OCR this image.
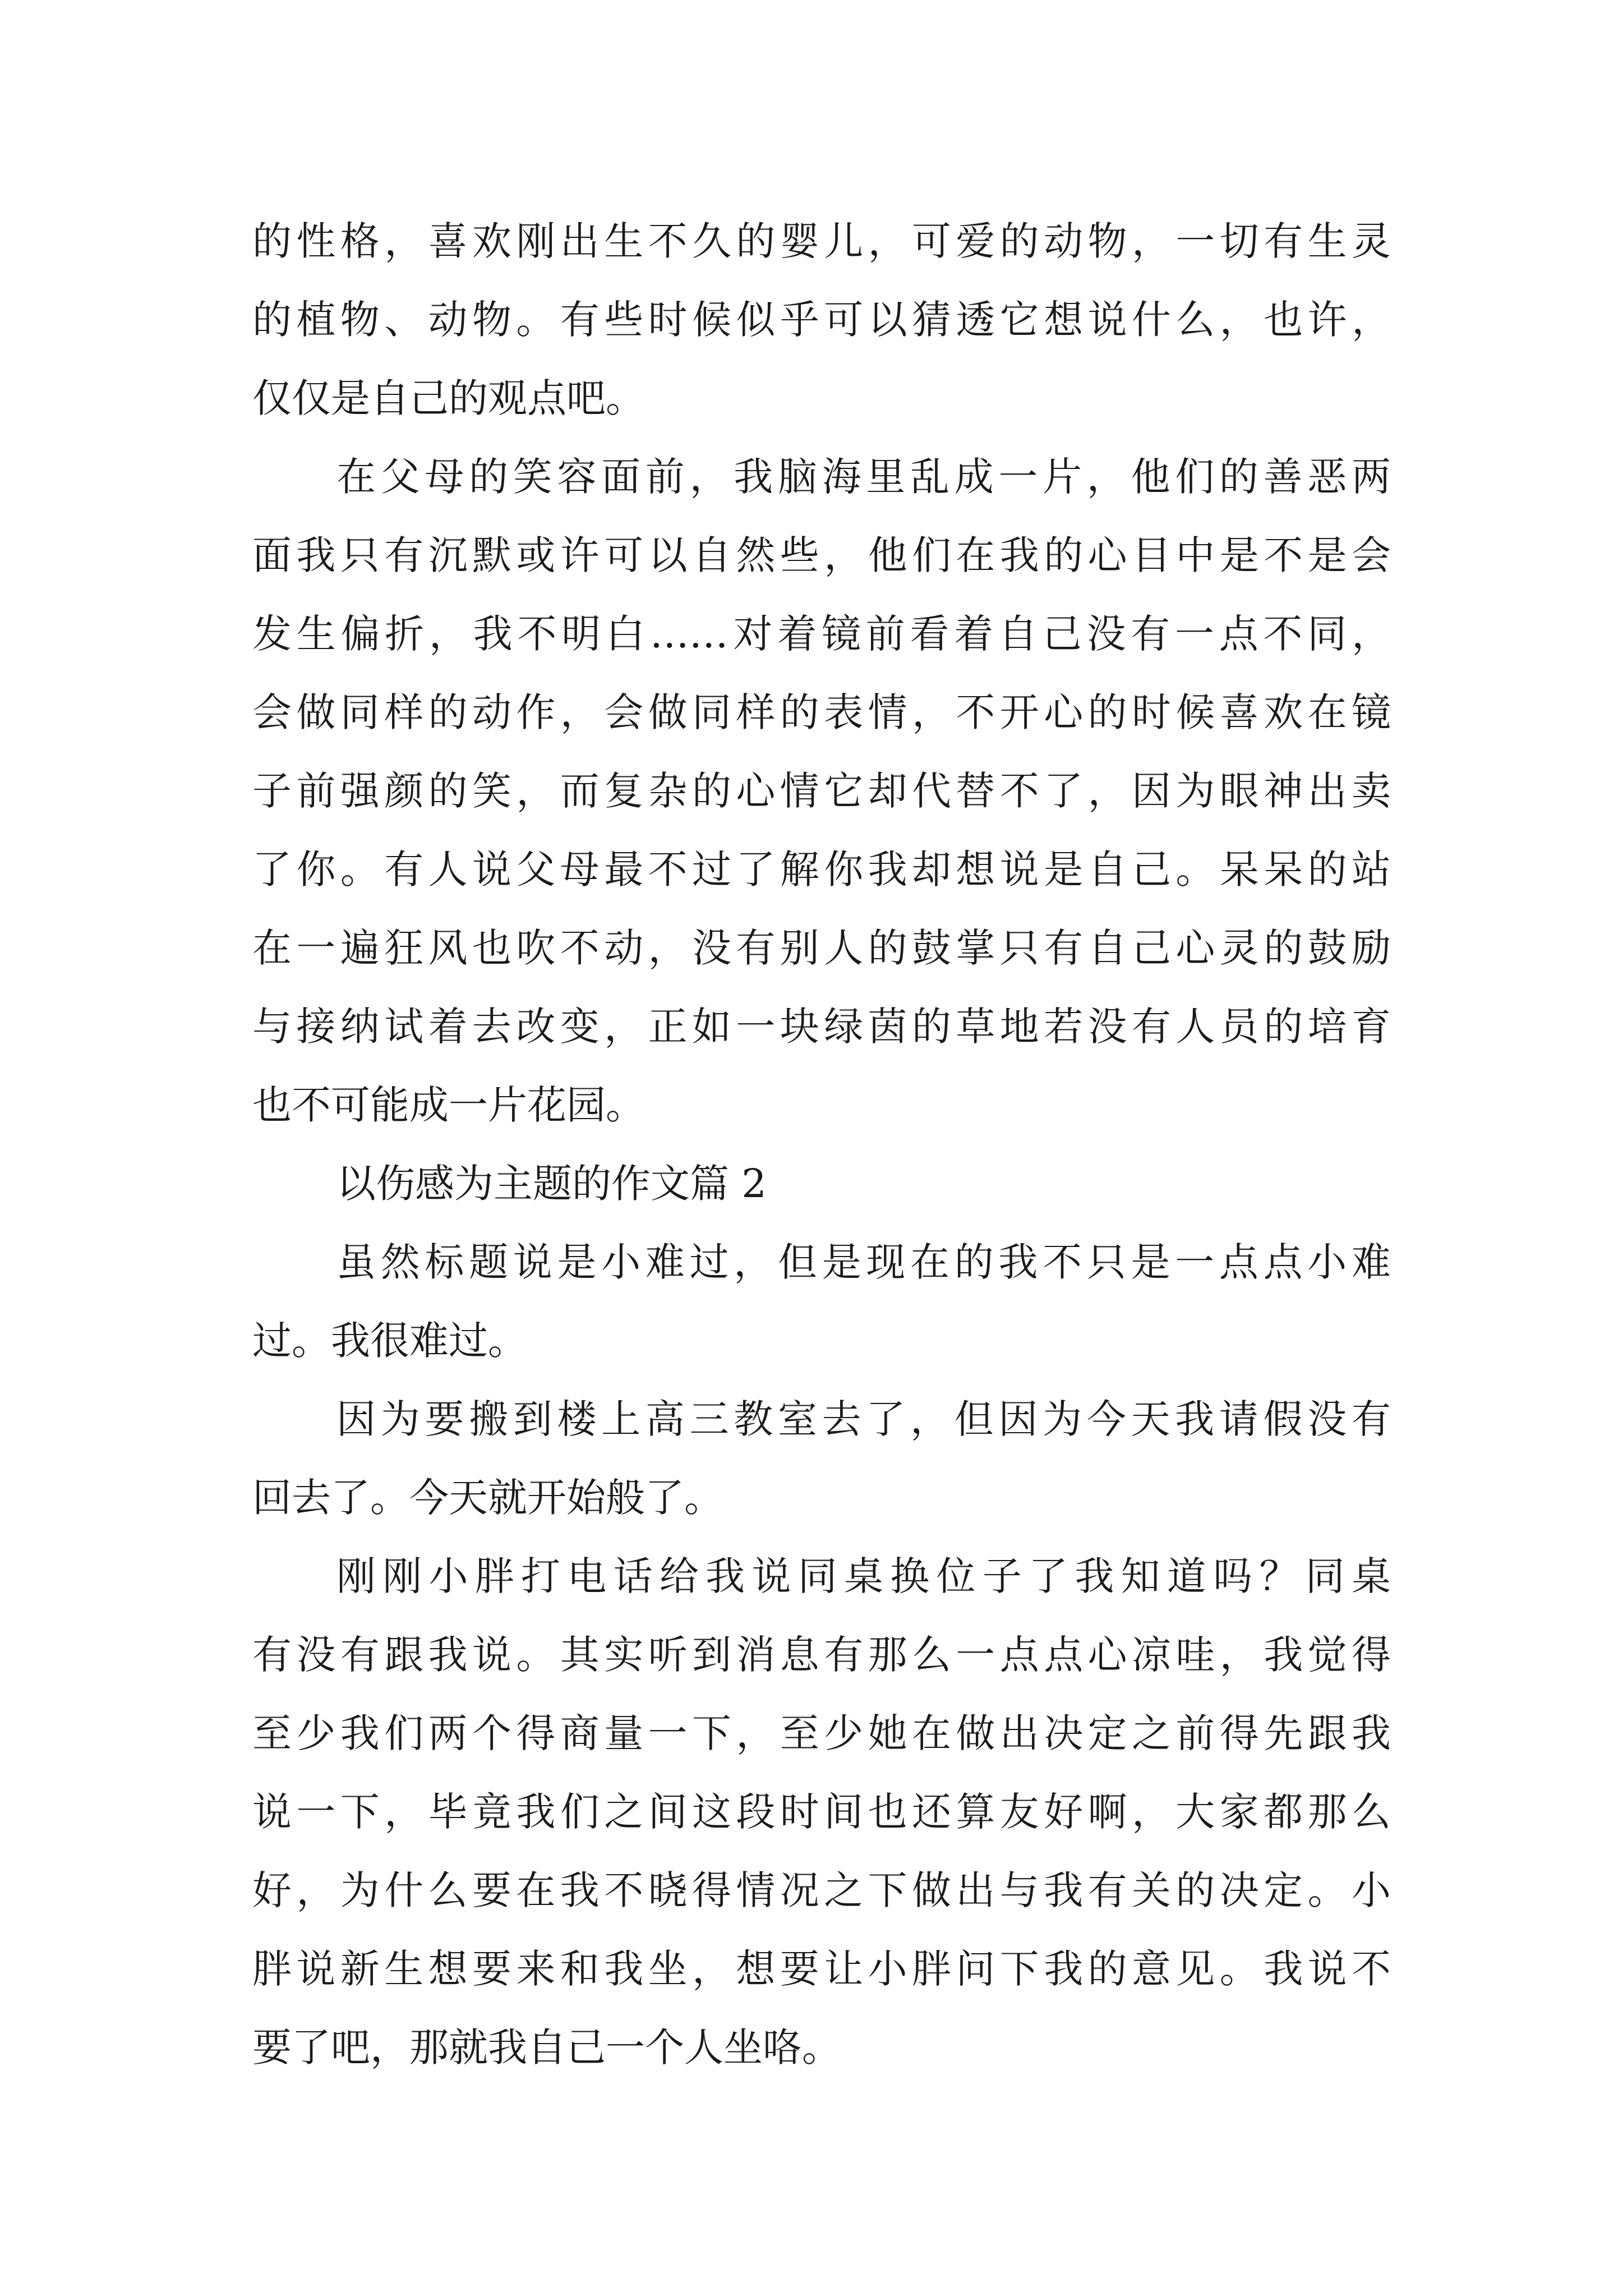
的性格，喜欢刚出生不久的婴儿，可爱的动物，一切有生灵
的植物、动物。有些时候似乎可以猜透它想说什么，也许，
仅仅是自己的观点吧。
在父母的笑容面前，我脑海里乱成一片，他们的善恶两
面我只有沉默或许可以自然些，他们在我的心目中是不是会
发生偏折，我不明白……对着镜前看着自己没有一点不同，
会做同样的动作，会做同样的表情，不开心的时候喜欢在镜
子前强颜的笑，而复杂的心情它却代替不了，因为眼神出卖
了你。有人说父母最不过了解你我却想说是自己。呆呆的站
在一遍狂风也吹不动，没有别人的鼓掌只有自己心灵的鼓励
与接纳试着去改变，正如一块绿茵的草地若没有人员的培育
也不可能成一片花园。
以伤感为主题的作文篇 2
虽然标题说是小难过，但是现在的我不只是一点点小难
过。我很难过。
因为要搬到楼上高三教室去了，但因为今天我请假没有
回去了。今天就开始般了。
刚刚小胖打电话给我说同桌换位子了我知道吗？同桌
有没有跟我说。其实听到消息有那么一点点心凉哇，我觉得
至少我们两个得商量一下，至少她在做出决定之前得先跟我
说一下，毕竟我们之间这段时间也还算友好啊，大家都那么
好，为什么要在我不晓得情况之下做出与我有关的决定。小
胖说新生想要来和我坐，想要让小胖问下我的意见。我说不
要了吧，那就我自己一个人坐咯。
